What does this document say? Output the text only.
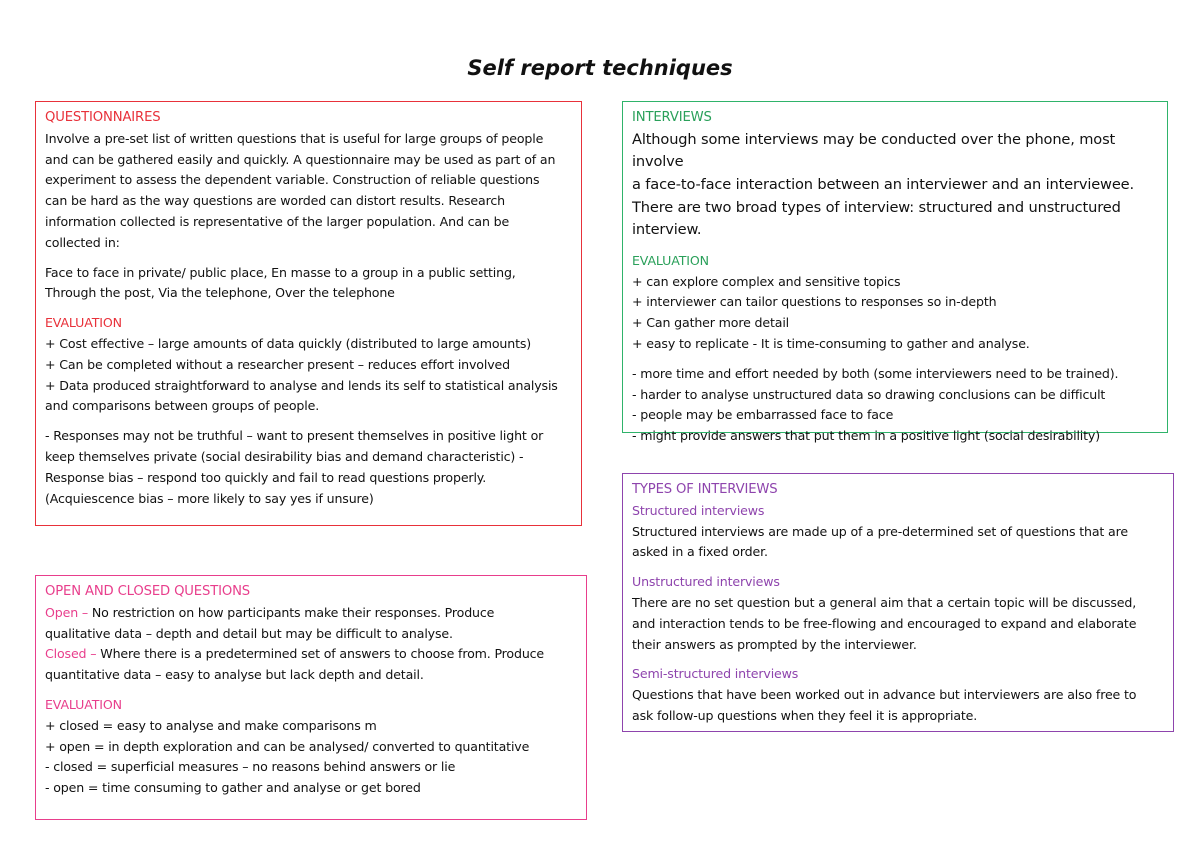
Self report techniques

QUESTIONNAIRES

Involve a pre-set list of written questions that is useful for large groups of people

and can be gathered easily and quickly. A questionnaire may be used as part of an

experiment to assess the dependent variable. Construction of reliable questions

can be hard as the way questions are worded can distort results. Research

information collected is representative of the larger population. And can be

collected in:

Face to face in private/ public place, En masse to a group in a public setting,

Through the post, Via the telephone, Over the telephone

EVALUATION

+ Cost effective – large amounts of data quickly (distributed to large amounts)

+ Can be completed without a researcher present – reduces effort involved

+ Data produced straightforward to analyse and lends its self to statistical analysis

and comparisons between groups of people.

- Responses may not be truthful – want to present themselves in positive light or

keep themselves private (social desirability bias and demand characteristic) -

Response bias – respond too quickly and fail to read questions properly.

(Acquiescence bias – more likely to say yes if unsure)

OPEN AND CLOSED QUESTIONS

Open – No restriction on how participants make their responses. Produce

qualitative data – depth and detail but may be difficult to analyse.

Closed – Where there is a predetermined set of answers to choose from. Produce

quantitative data – easy to analyse but lack depth and detail.

EVALUATION

+ closed = easy to analyse and make comparisons m

+ open = in depth exploration and can be analysed/ converted to quantitative

- closed = superficial measures – no reasons behind answers or lie

- open = time consuming to gather and analyse or get bored

INTERVIEWS

Although some interviews may be conducted over the phone, most involve

a face-to-face interaction between an interviewer and an interviewee.

There are two broad types of interview: structured and unstructured

interview.

EVALUATION

+ can explore complex and sensitive topics

+ interviewer can tailor questions to responses so in-depth

+ Can gather more detail

+ easy to replicate - It is time-consuming to gather and analyse.

- more time and effort needed by both (some interviewers need to be trained).

- harder to analyse unstructured data so drawing conclusions can be difficult

- people may be embarrassed face to face

- might provide answers that put them in a positive light (social desirability)

TYPES OF INTERVIEWS

Structured interviews

Structured interviews are made up of a pre-determined set of questions that are

asked in a fixed order.

Unstructured interviews

There are no set question but a general aim that a certain topic will be discussed,

and interaction tends to be free-flowing and encouraged to expand and elaborate

their answers as prompted by the interviewer.

Semi-structured interviews

Questions that have been worked out in advance but interviewers are also free to

ask follow-up questions when they feel it is appropriate.
